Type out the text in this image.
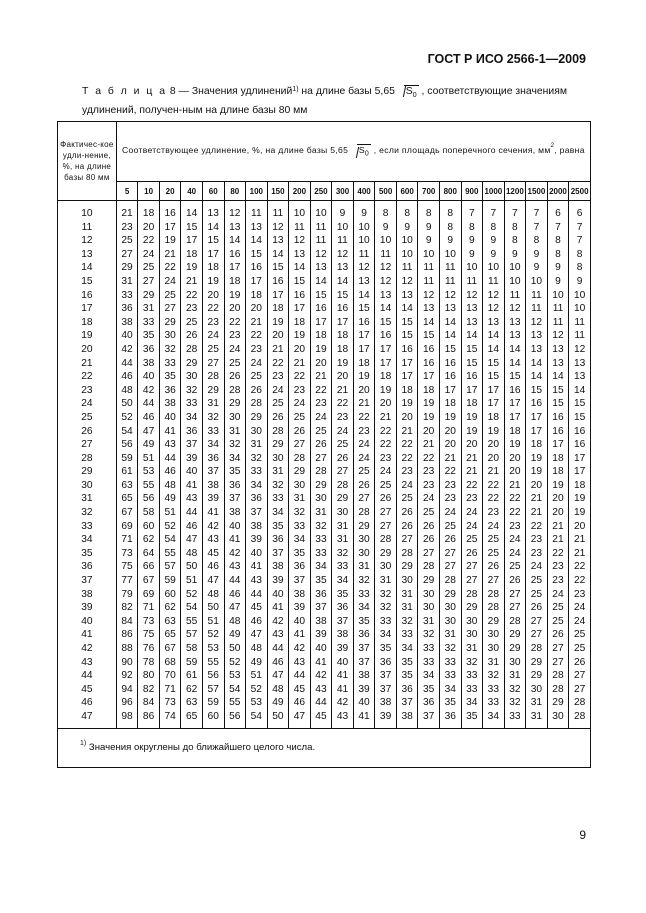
ГОСТ Р ИСО 2566-1—2009
Т а б л и ц а 8 — Значения удлинений$^{1)}$ на длине базы 5,65
$S_0$ , соответствующие значениям удлинений, получен-ным на длине базы 80 мм
Фактичес-кое удли-нение, %, на длине базы 80 мм	Соответствующее удлинение, %, на длине базы 5,65
$S_0$ , если площадь поперечного сечения, $мм^2$, равна																					
	5	10	20	40	60	80	100	150	200	250	300	400	500	600	700	800	900	1000	1200	1500	2000	2500
10	21	18	16	14	13	12	11	11	10	10	9	9	8	8	8	8	7	7	7	7	6	6
11	23	20	17	15	14	13	13	12	11	11	10	10	9	9	9	8	8	8	8	7	7	7
12	25	22	19	17	15	14	14	13	12	11	11	10	10	10	9	9	9	9	8	8	8	7
13	27	24	21	18	17	16	15	14	13	12	12	11	11	10	10	10	9	9	9	9	8	8
14	29	25	22	19	18	17	16	15	14	13	13	12	12	11	11	11	10	10	10	9	9	8
15	31	27	24	21	19	18	17	16	15	14	14	13	12	12	11	11	11	11	10	10	9	9
16	33	29	25	22	20	19	18	17	16	15	15	14	13	13	12	12	12	12	11	11	10	10
17	36	31	27	23	22	20	20	18	17	16	16	15	14	14	13	13	13	12	12	11	11	10
18	38	33	29	25	23	22	21	19	18	17	17	16	15	15	14	14	13	13	13	12	11	11
19	40	35	30	26	24	23	22	20	19	18	18	17	16	15	15	14	14	14	13	13	12	11
20	42	36	32	28	25	24	23	21	20	19	18	17	17	16	16	15	15	14	14	13	13	12
21	44	38	33	29	27	25	24	22	21	20	19	18	17	17	16	16	15	15	14	14	13	13
22	46	40	35	30	28	26	25	23	22	21	20	19	18	17	17	16	16	15	15	14	14	13
23	48	42	36	32	29	28	26	24	23	22	21	20	19	18	18	17	17	17	16	15	15	14
24	50	44	38	33	31	29	28	25	24	23	22	21	20	19	19	18	18	17	17	16	15	15
25	52	46	40	34	32	30	29	26	25	24	23	22	21	20	19	19	19	18	17	17	16	15
26	54	47	41	36	33	31	30	28	26	25	24	23	22	21	20	20	19	19	18	17	16	16
27	56	49	43	37	34	32	31	29	27	26	25	24	22	22	21	20	20	20	19	18	17	16
28	59	51	44	39	36	34	32	30	28	27	26	24	23	22	22	21	21	20	20	19	18	17
29	61	53	46	40	37	35	33	31	29	28	27	25	24	23	23	22	21	21	20	19	18	17
30	63	55	48	41	38	36	34	32	30	29	28	26	25	24	23	23	22	22	21	20	19	18
31	65	56	49	43	39	37	36	33	31	30	29	27	26	25	24	23	23	22	22	21	20	19
32	67	58	51	44	41	38	37	34	32	31	30	28	27	26	25	24	24	23	22	21	20	19
33	69	60	52	46	42	40	38	35	33	32	31	29	27	26	26	25	24	24	23	22	21	20
34	71	62	54	47	43	41	39	36	34	33	31	30	28	27	26	26	25	25	24	23	21	21
35	73	64	55	48	45	42	40	37	35	33	32	30	29	28	27	27	26	25	24	23	22	21
36	75	66	57	50	46	43	41	38	36	34	33	31	30	29	28	27	27	26	25	24	23	22
37	77	67	59	51	47	44	43	39	37	35	34	32	31	30	29	28	27	27	26	25	23	22
38	79	69	60	52	48	46	44	40	38	36	35	33	32	31	30	29	28	28	27	25	24	23
39	82	71	62	54	50	47	45	41	39	37	36	34	32	31	30	30	29	28	27	26	25	24
40	84	73	63	55	51	48	46	42	40	38	37	35	33	32	31	30	30	29	28	27	25	24
41	86	75	65	57	52	49	47	43	41	39	38	36	34	33	32	31	30	30	29	27	26	25
42	88	76	67	58	53	50	48	44	42	40	39	37	35	34	33	32	31	30	29	28	27	25
43	90	78	68	59	55	52	49	46	43	41	40	37	36	35	33	33	32	31	30	29	27	26
44	92	80	70	61	56	53	51	47	44	42	41	38	37	35	34	33	33	32	31	29	28	27
45	94	82	71	62	57	54	52	48	45	43	41	39	37	36	35	34	33	33	32	30	28	27
46	96	84	73	63	59	55	53	49	46	44	42	40	38	37	36	35	34	33	32	31	29	28
47	98	86	74	65	60	56	54	50	47	45	43	41	39	38	37	36	35	34	33	31	30	28
$^{1)}$ Значения округлены до ближайшего целого числа.																						
9
